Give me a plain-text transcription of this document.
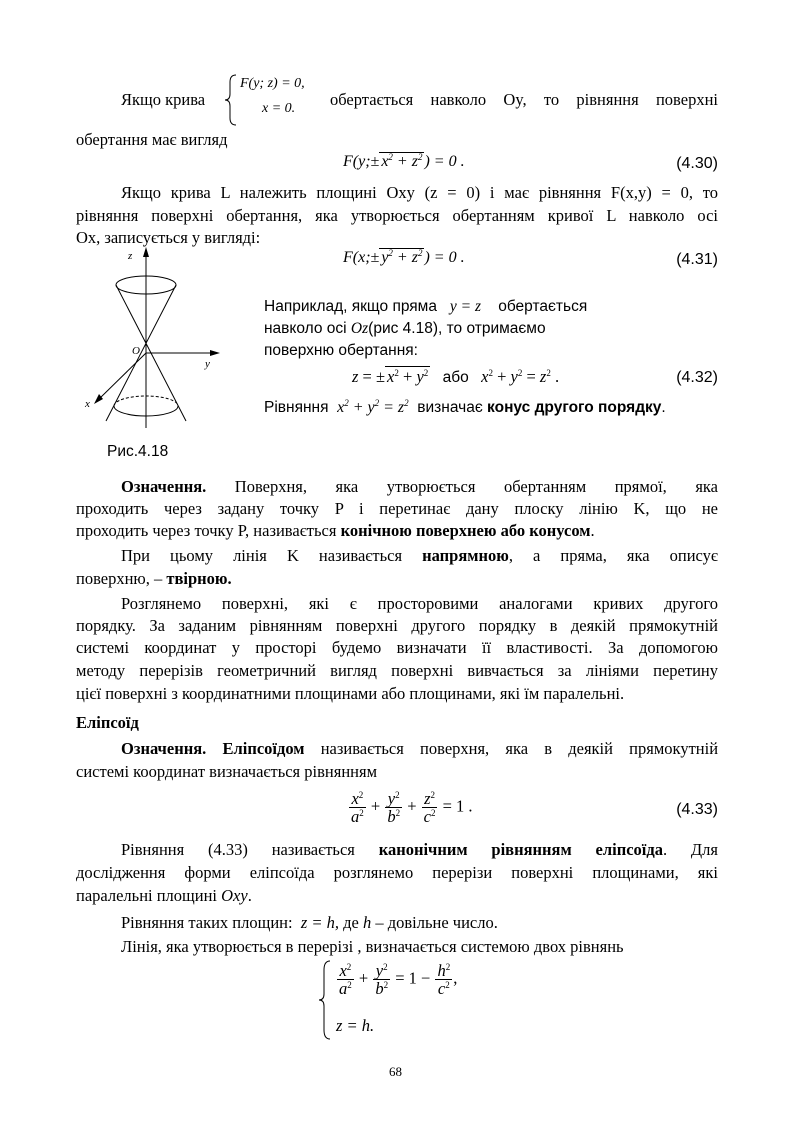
Якщо крива
F(y; z) = 0,
x = 0. обертається навколо Oy, то рівняння поверхні
обертання має вигляд
F(y;± $x^2 + z^2$ ) = 0 .	(4.30)
Якщо крива L належить площині Oxy (z = 0) і має рівняння F(x,y) = 0, то
рівняння поверхні обертання, яка утворюється обертанням кривої L навколо осі
Ox, записується у вигляді:
F(x;± $y^2 + z^2$ ) = 0 .	(4.31)
z
y
x
O
Рис.4.18
Наприклад, якщо пряма y = z обертається
навколо осі Oz(рис 4.18), то отримаємо
поверхню обертання:
z = ± $x^2 + y^2$ або $x^2 + y^2 = z^2$ .	(4.32)
Рівняння $x^2 + y^2 = z^2$ визначає конус другого порядку.
Означення. Поверхня, яка утворюється обертанням прямої, яка
проходить через задану точку P і перетинає дану плоску лінію K, що не
проходить через точку P, називається конічною поверхнею або конусом.
При цьому лінія K називається напрямною, а пряма, яка описує
поверхню, – твірною.
Розглянемо поверхні, які є просторовими аналогами кривих другого
порядку. За заданим рівнянням поверхні другого порядку в деякій прямокутній
системі координат у просторі будемо визначати її властивості. За допомогою
методу перерізів геометричний вигляд поверхні вивчається за лініями перетину
цієї поверхні з координатними площинами або площинами, які їм паралельні.
Еліпсоїд
Означення. Еліпсоїдом називається поверхня, яка в деякій прямокутній
системі координат визначається рівнянням
$\frac{x^2}{a^2} + \frac{y^2}{b^2} + \frac{z^2}{c^2} = 1$ .	(4.33)
Рівняння (4.33) називається канонічним рівнянням еліпсоїда. Для
дослідження форми еліпсоїда розглянемо перерізи поверхні площинами, які
паралельні площині Oxy.
Рівняння таких площин: z = h, де h – довільне число.
Лінія, яка утворюється в перерізі , визначається системою двох рівнянь
$\frac{x^2}{a^2} + \frac{y^2}{b^2} = 1 - \frac{h^2}{c^2}$ ,
z = h.
68
